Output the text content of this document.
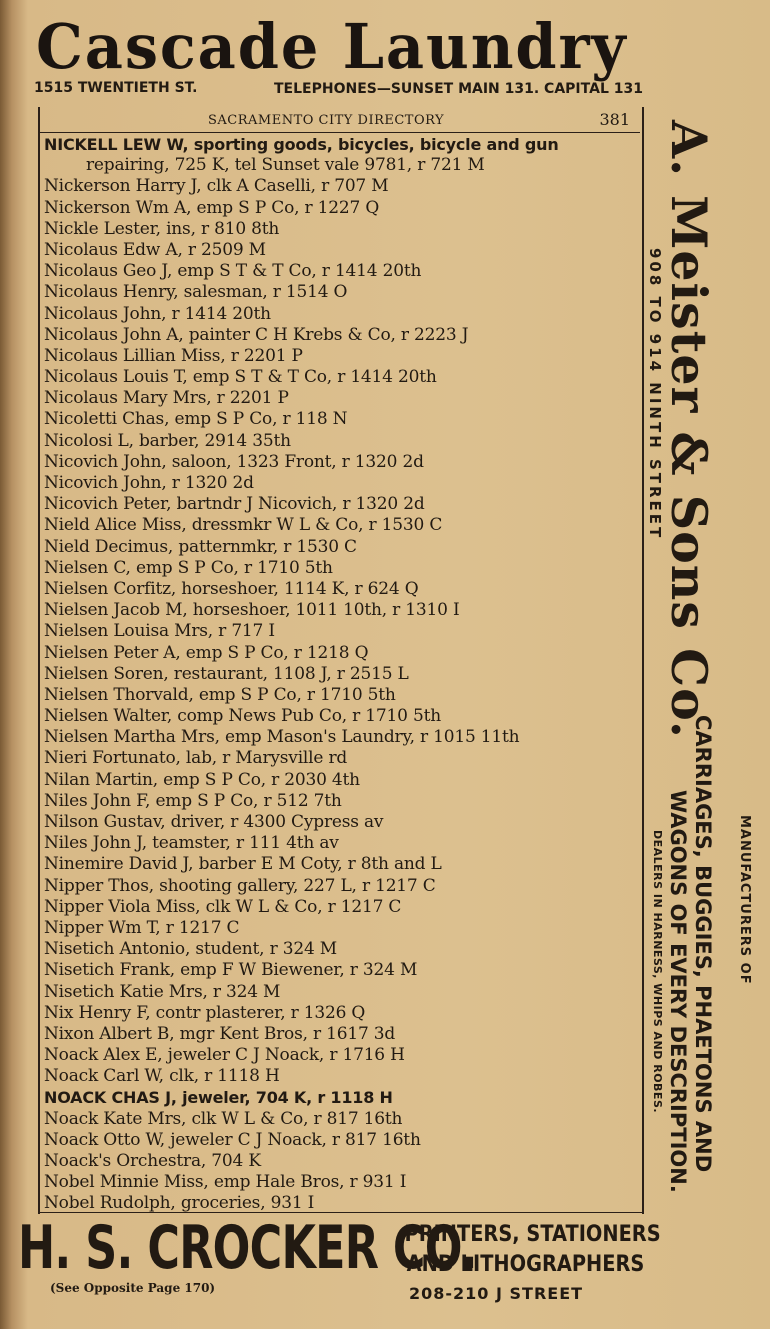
Cascade Laundry
1515 TWENTIETH ST.	TELEPHONES—SUNSET MAIN 131. CAPITAL 131
SACRAMENTO CITY DIRECTORY	381
NICKELL LEW W, sporting goods, bicycles, bicycle and gun
repairing, 725 K, tel Sunset vale 9781, r 721 M
Nickerson Harry J, clk A Caselli, r 707 M
Nickerson Wm A, emp S P Co, r 1227 Q
Nickle Lester, ins, r 810 8th
Nicolaus Edw A, r 2509 M
Nicolaus Geo J, emp S T & T Co, r 1414 20th
Nicolaus Henry, salesman, r 1514 O
Nicolaus John, r 1414 20th
Nicolaus John A, painter C H Krebs & Co, r 2223 J
Nicolaus Lillian Miss, r 2201 P
Nicolaus Louis T, emp S T & T Co, r 1414 20th
Nicolaus Mary Mrs, r 2201 P
Nicoletti Chas, emp S P Co, r 118 N
Nicolosi L, barber, 2914 35th
Nicovich John, saloon, 1323 Front, r 1320 2d
Nicovich John, r 1320 2d
Nicovich Peter, bartndr J Nicovich, r 1320 2d
Nield Alice Miss, dressmkr W L & Co, r 1530 C
Nield Decimus, patternmkr, r 1530 C
Nielsen C, emp S P Co, r 1710 5th
Nielsen Corfitz, horseshoer, 1114 K, r 624 Q
Nielsen Jacob M, horseshoer, 1011 10th, r 1310 I
Nielsen Louisa Mrs, r 717 I
Nielsen Peter A, emp S P Co, r 1218 Q
Nielsen Soren, restaurant, 1108 J, r 2515 L
Nielsen Thorvald, emp S P Co, r 1710 5th
Nielsen Walter, comp News Pub Co, r 1710 5th
Nielsen Martha Mrs, emp Mason's Laundry, r 1015 11th
Nieri Fortunato, lab, r Marysville rd
Nilan Martin, emp S P Co, r 2030 4th
Niles John F, emp S P Co, r 512 7th
Nilson Gustav, driver, r 4300 Cypress av
Niles John J, teamster, r 111 4th av
Ninemire David J, barber E M Coty, r 8th and L
Nipper Thos, shooting gallery, 227 L, r 1217 C
Nipper Viola Miss, clk W L & Co, r 1217 C
Nipper Wm T, r 1217 C
Nisetich Antonio, student, r 324 M
Nisetich Frank, emp F W Biewener, r 324 M
Nisetich Katie Mrs, r 324 M
Nix Henry F, contr plasterer, r 1326 Q
Nixon Albert B, mgr Kent Bros, r 1617 3d
Noack Alex E, jeweler C J Noack, r 1716 H
Noack Carl W, clk, r 1118 H
NOACK CHAS J, jeweler, 704 K, r 1118 H
Noack Kate Mrs, clk W L & Co, r 817 16th
Noack Otto W, jeweler C J Noack, r 817 16th
Noack's Orchestra, 704 K
Nobel Minnie Miss, emp Hale Bros, r 931 I
Nobel Rudolph, groceries, 931 I
A. Meister & Sons Co.
908 TO 914 NINTH STREET
MANUFACTURERS OF
CARRIAGES, BUGGIES, PHAETONS AND
WAGONS OF EVERY DESCRIPTION.
DEALERS IN HARNESS, WHIPS AND ROBES.
H. S. CROCKER CO.
PRINTERS, STATIONERS
AND LITHOGRAPHERS
(See Opposite Page 170)	208-210 J STREET
